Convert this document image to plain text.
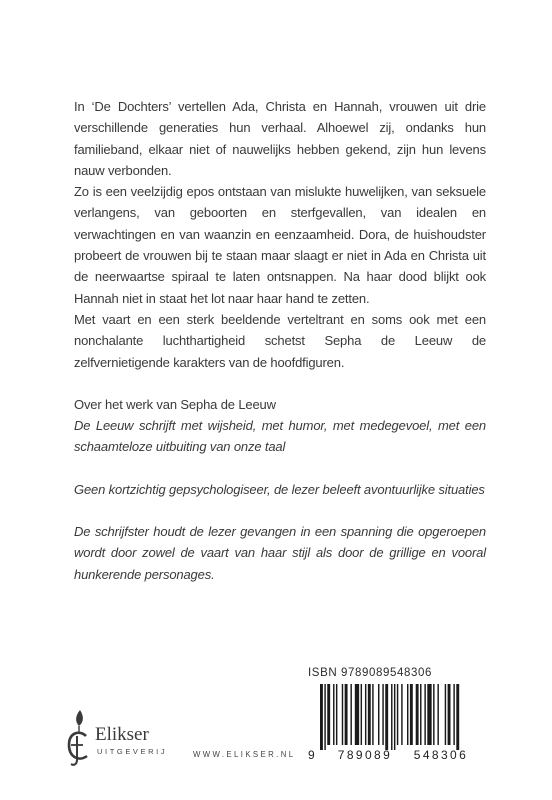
In ‘De Dochters’ vertellen Ada, Christa en Hannah, vrouwen uit drie verschillende generaties hun verhaal. Alhoewel zij, ondanks hun familieband, elkaar niet of nauwelijks hebben gekend, zijn hun levens nauw verbonden.

Zo is een veelzijdig epos ontstaan van mislukte huwelijken, van seksuele verlangens, van geboorten en sterfgevallen, van idealen en verwachtingen en van waanzin en eenzaamheid. Dora, de huishoudster probeert de vrouwen bij te staan maar slaagt er niet in Ada en Christa uit de neerwaartse spiraal te laten ontsnappen. Na haar dood blijkt ook Hannah niet in staat het lot naar haar hand te zetten.

Met vaart en een sterk beeldende verteltrant en soms ook met een nonchalante luchthartigheid schetst Sepha de Leeuw de zelfvernietigende karakters van de hoofdfiguren.

Over het werk van Sepha de Leeuw

De Leeuw schrijft met wijsheid, met humor, met medegevoel, met een schaamteloze uitbuiting van onze taal

Geen kortzichtig gepsychologiseer, de lezer beleeft avontuurlijke situaties

De schrijfster houdt de lezer gevangen in een spanning die opgeroepen wordt door zowel de vaart van haar stijl als door de grillige en vooral hunkerende personages.

ISBN 9789089548306
9 789089 548306
Elikser
UITGEVERIJ	WWW.ELIKSER.NL
